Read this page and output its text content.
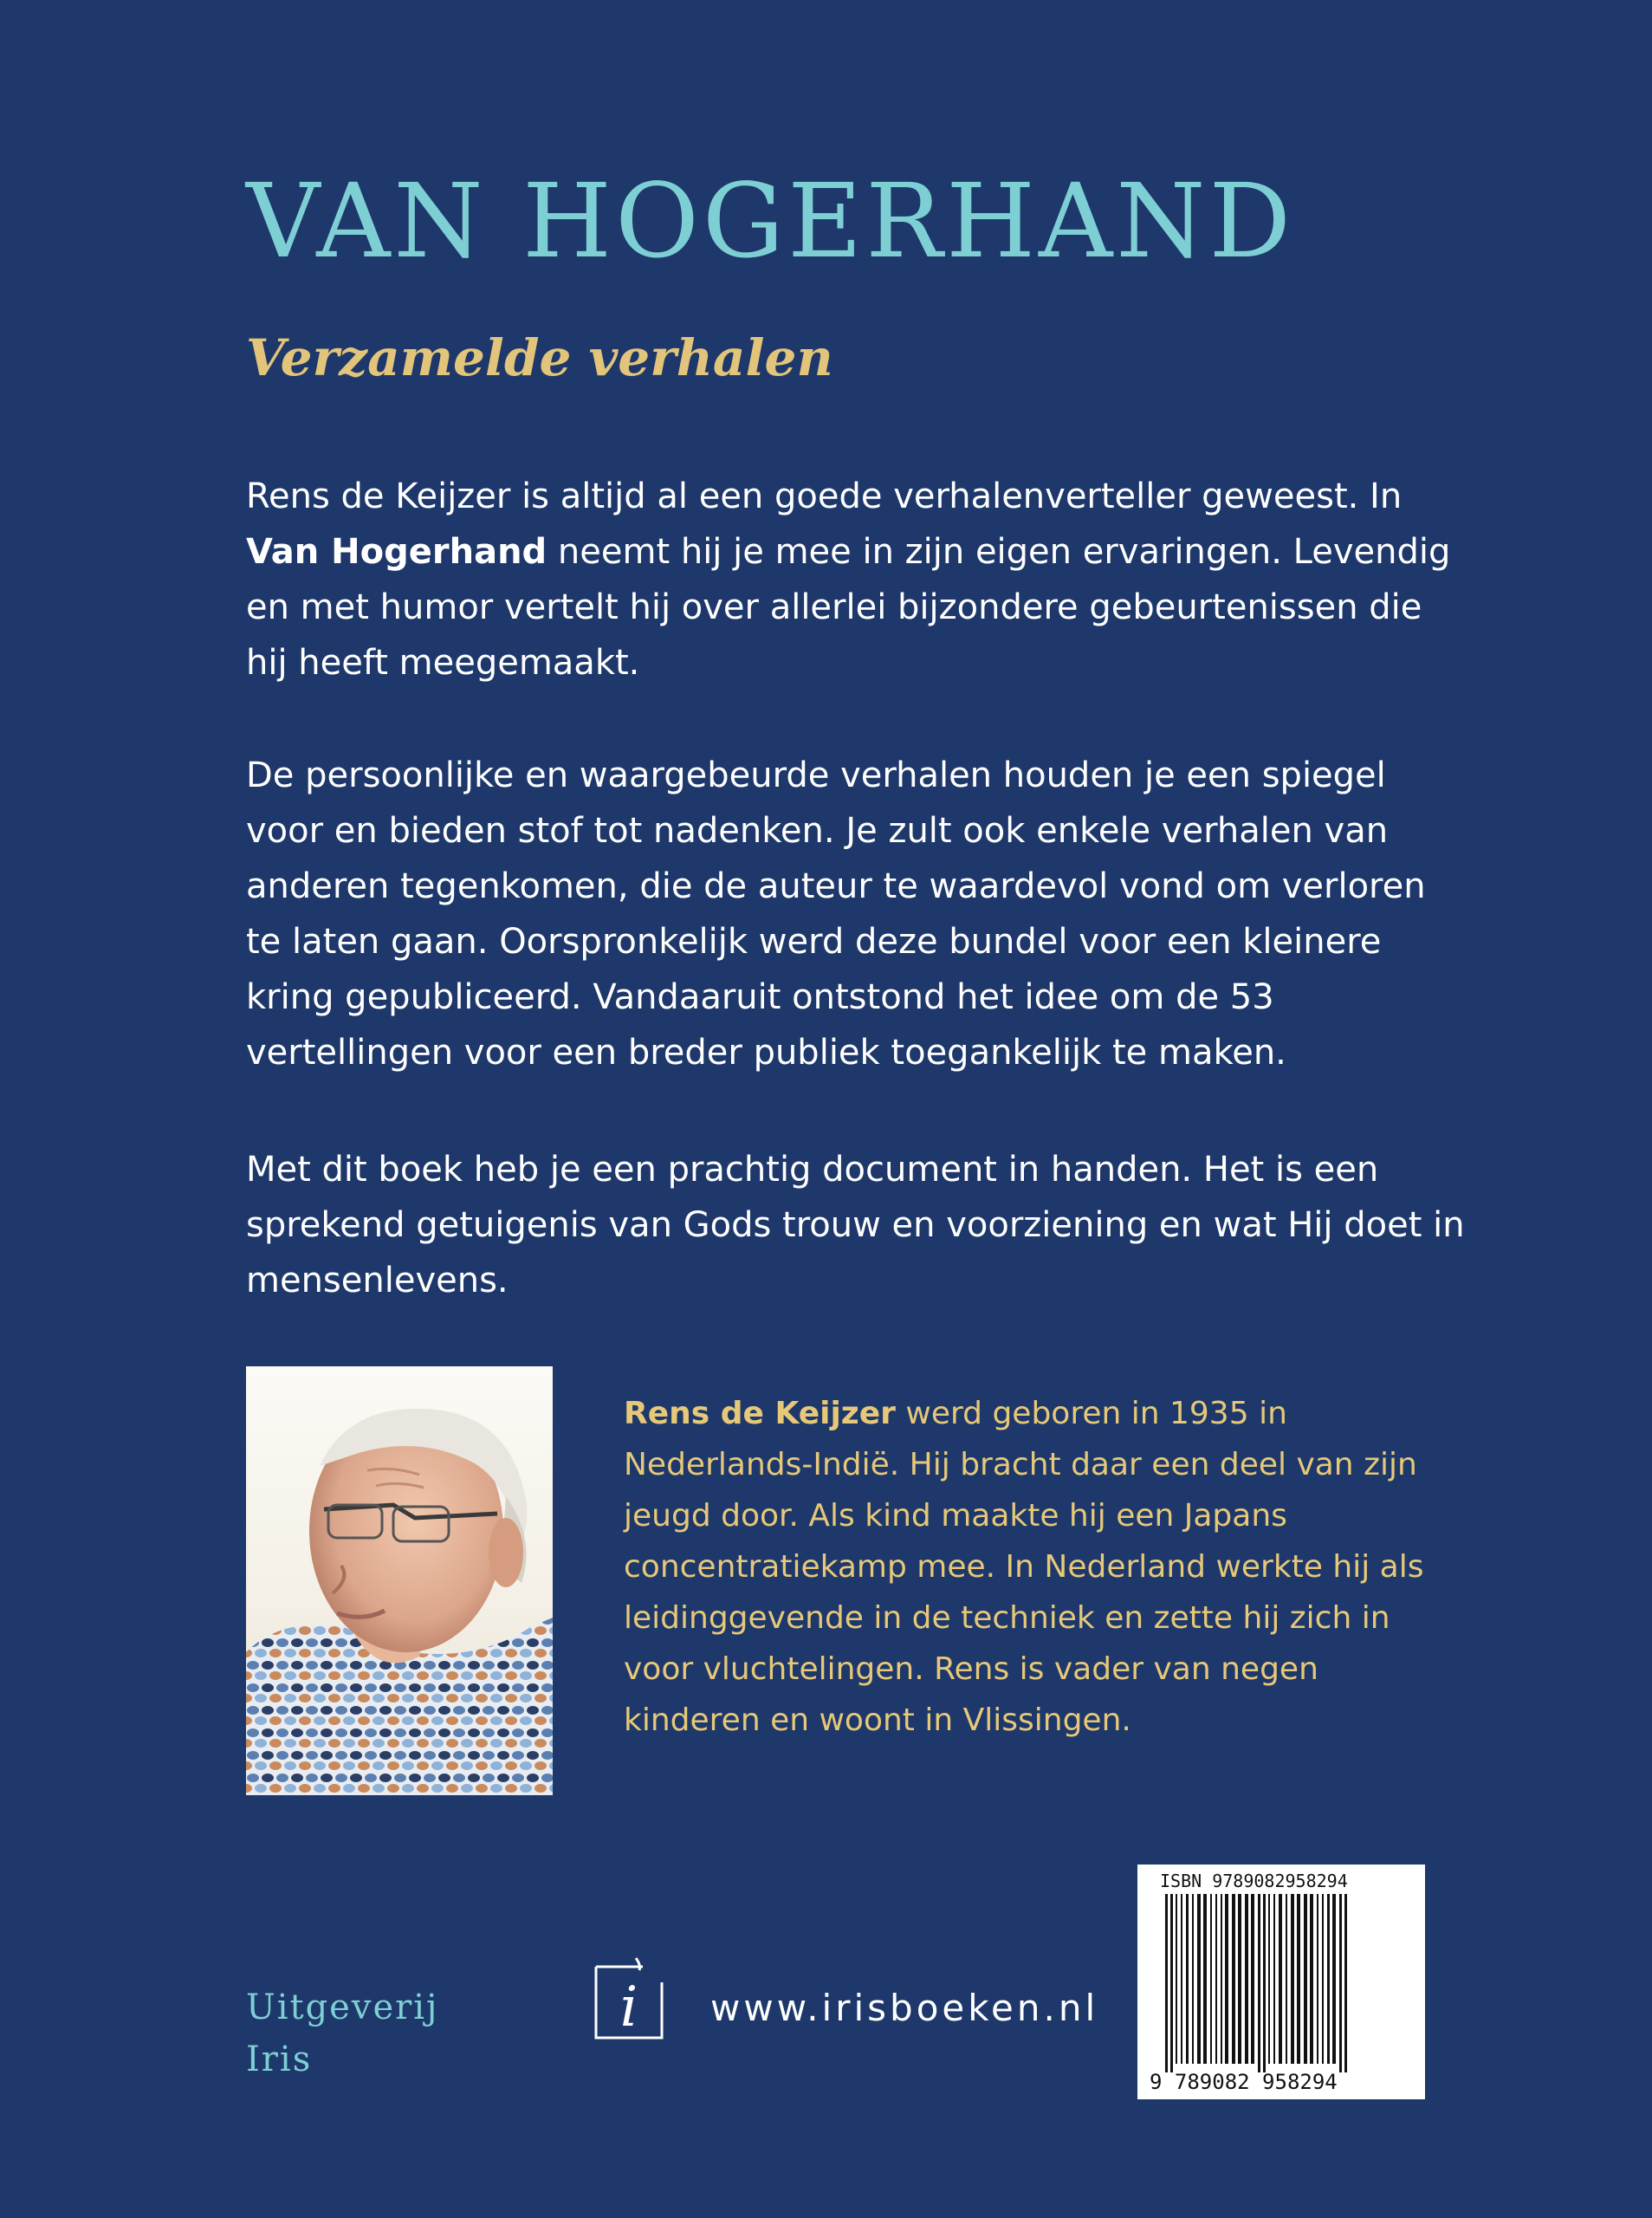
VAN HOGERHAND
Verzamelde verhalen

Rens de Keijzer is altijd al een goede verhalenverteller geweest. In Van Hogerhand neemt hij je mee in zijn eigen ervaringen. Levendig en met humor vertelt hij over allerlei bijzondere gebeurtenissen die hij heeft meegemaakt.

De persoonlijke en waargebeurde verhalen houden je een spiegel voor en bieden stof tot nadenken. Je zult ook enkele verhalen van anderen tegenkomen, die de auteur te waardevol vond om verloren te laten gaan. Oorspronkelijk werd deze bundel voor een kleinere kring gepubliceerd. Vandaaruit ontstond het idee om de 53 vertellingen voor een breder publiek toegankelijk te maken.

Met dit boek heb je een prachtig document in handen. Het is een sprekend getuigenis van Gods trouw en voorziening en wat Hij doet in mensenlevens.

Rens de Keijzer werd geboren in 1935 in Nederlands-Indië. Hij bracht daar een deel van zijn jeugd door. Als kind maakte hij een Japans concentratiekamp mee. In Nederland werkte hij als leidinggevende in de techniek en zette hij zich in voor vluchtelingen. Rens is vader van negen kinderen en woont in Vlissingen.

Uitgeverij Iris

i www.irisboeken.nl

ISBN 9789082958294

9 789082 958294
